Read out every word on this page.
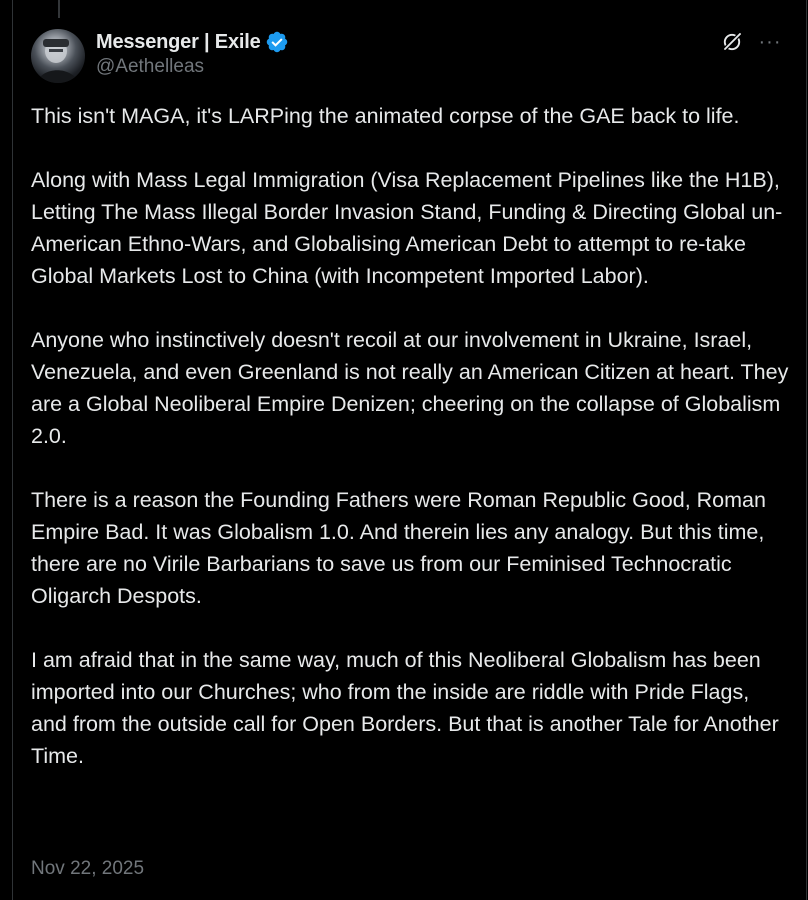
Messenger | Exile
@Aethelleas
···

This isn't MAGA, it's LARPing the animated corpse of the GAE back to life.

Along with Mass Legal Immigration (Visa Replacement Pipelines like the H1B), Letting The Mass Illegal Border Invasion Stand, Funding & Directing Global un-American Ethno-Wars, and Globalising American Debt to attempt to re-take Global Markets Lost to China (with Incompetent Imported Labor).

Anyone who instinctively doesn't recoil at our involvement in Ukraine, Israel, Venezuela, and even Greenland is not really an American Citizen at heart. They are a Global Neoliberal Empire Denizen; cheering on the collapse of Globalism 2.0.

There is a reason the Founding Fathers were Roman Republic Good, Roman Empire Bad. It was Globalism 1.0. And therein lies any analogy. But this time, there are no Virile Barbarians to save us from our Feminised Technocratic Oligarch Despots.

I am afraid that in the same way, much of this Neoliberal Globalism has been imported into our Churches; who from the inside are riddle with Pride Flags, and from the outside call for Open Borders. But that is another Tale for Another Time.

Nov 22, 2025
